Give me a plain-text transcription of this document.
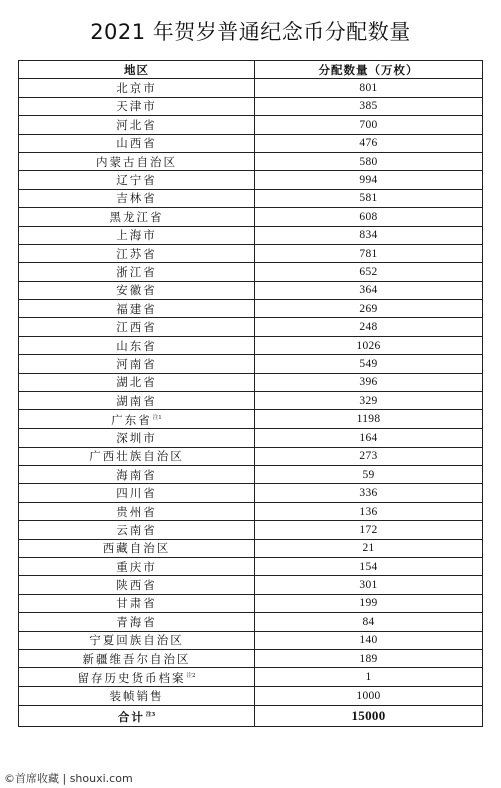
2021 年贺岁普通纪念币分配数量
地区	分配数量（万枚）
北京市	801
天津市	385
河北省	700
山西省	476
内蒙古自治区	580
辽宁省	994
吉林省	581
黑龙江省	608
上海市	834
江苏省	781
浙江省	652
安徽省	364
福建省	269
江西省	248
山东省	1026
河南省	549
湖北省	396
湖南省	329
广东省$^{注1}$	1198
深圳市	164
广西壮族自治区	273
海南省	59
四川省	336
贵州省	136
云南省	172
西藏自治区	21
重庆市	154
陕西省	301
甘肃省	199
青海省	84
宁夏回族自治区	140
新疆维吾尔自治区	189
留存历史货币档案$^{注2}$	1
装帧销售	1000
合计$^{注3}$	15000
©首席收藏 | shouxi.com
